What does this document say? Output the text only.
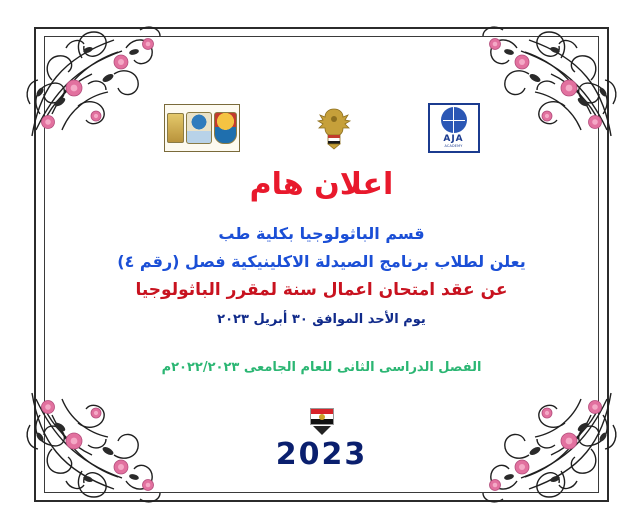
AJA
ACADEMY
اعلان هام
قسم الباثولوجيا بكلية طب
يعلن لطلاب برنامج الصيدلة الاكلينيكية فصل (رقم ٤)
عن عقد امتحان اعمال سنة لمقرر الباثولوجيا
يوم الأحد الموافق ٣٠ أبريل ٢٠٢٣
الفصل الدراسى الثانى للعام الجامعى ٢٠٢٢/٢٠٢٣م
2023
